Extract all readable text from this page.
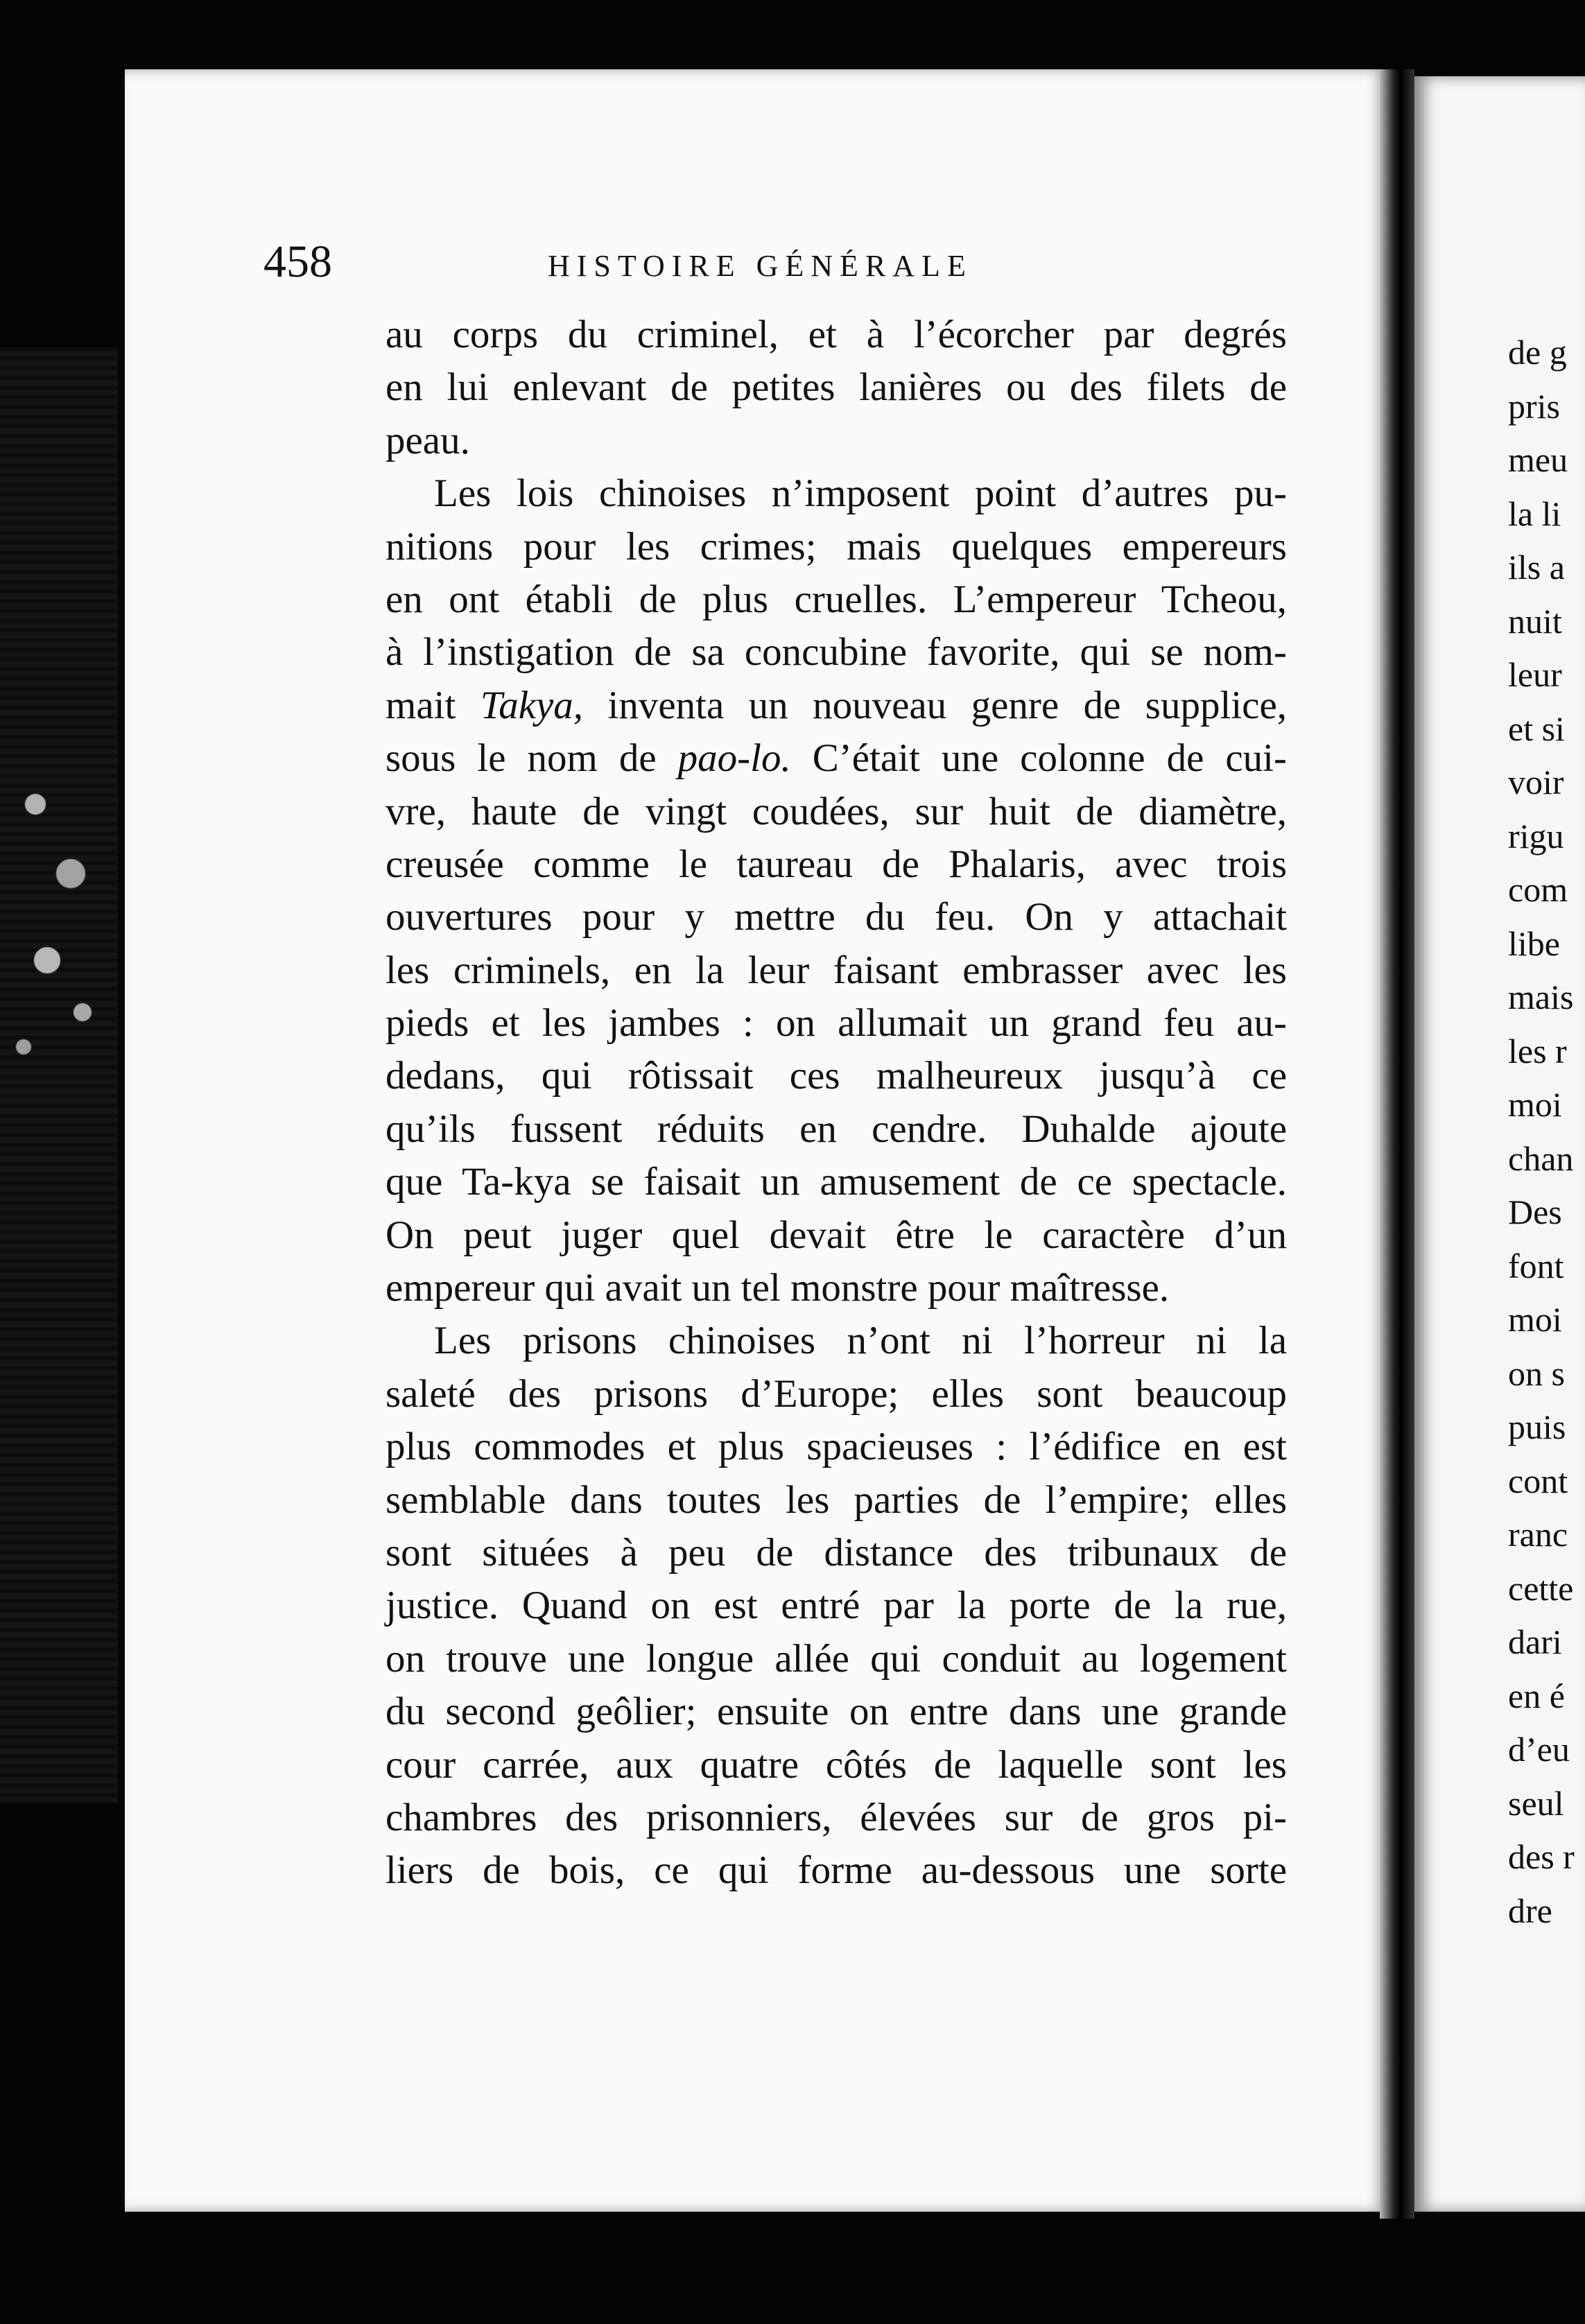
458	HISTOIRE GÉNÉRALE
au corps du criminel, et à l’écorcher par degrés
en lui enlevant de petites lanières ou des filets de
peau.
Les lois chinoises n’imposent point d’autres pu-
nitions pour les crimes; mais quelques empereurs
en ont établi de plus cruelles. L’empereur Tcheou,
à l’instigation de sa concubine favorite, qui se nom-
mait Takya, inventa un nouveau genre de supplice,
sous le nom de pao-lo. C’était une colonne de cui-
vre, haute de vingt coudées, sur huit de diamètre,
creusée comme le taureau de Phalaris, avec trois
ouvertures pour y mettre du feu. On y attachait
les criminels, en la leur faisant embrasser avec les
pieds et les jambes : on allumait un grand feu au-
dedans, qui rôtissait ces malheureux jusqu’à ce
qu’ils fussent réduits en cendre. Duhalde ajoute
que Ta-kya se faisait un amusement de ce spectacle.
On peut juger quel devait être le caractère d’un
empereur qui avait un tel monstre pour maîtresse.
Les prisons chinoises n’ont ni l’horreur ni la
saleté des prisons d’Europe; elles sont beaucoup
plus commodes et plus spacieuses : l’édifice en est
semblable dans toutes les parties de l’empire; elles
sont situées à peu de distance des tribunaux de
justice. Quand on est entré par la porte de la rue,
on trouve une longue allée qui conduit au logement
du second geôlier; ensuite on entre dans une grande
cour carrée, aux quatre côtés de laquelle sont les
chambres des prisonniers, élevées sur de gros pi-
liers de bois, ce qui forme au-dessous une sorte
de g
pris
meu
la li
ils a
nuit
leur
et si
voir
rigu
com
libe
mais
les r
moi
chan
Des
font
moi
on s
puis
cont
ranc
cette
dari
en é
d’eu
seul
des r
dre
